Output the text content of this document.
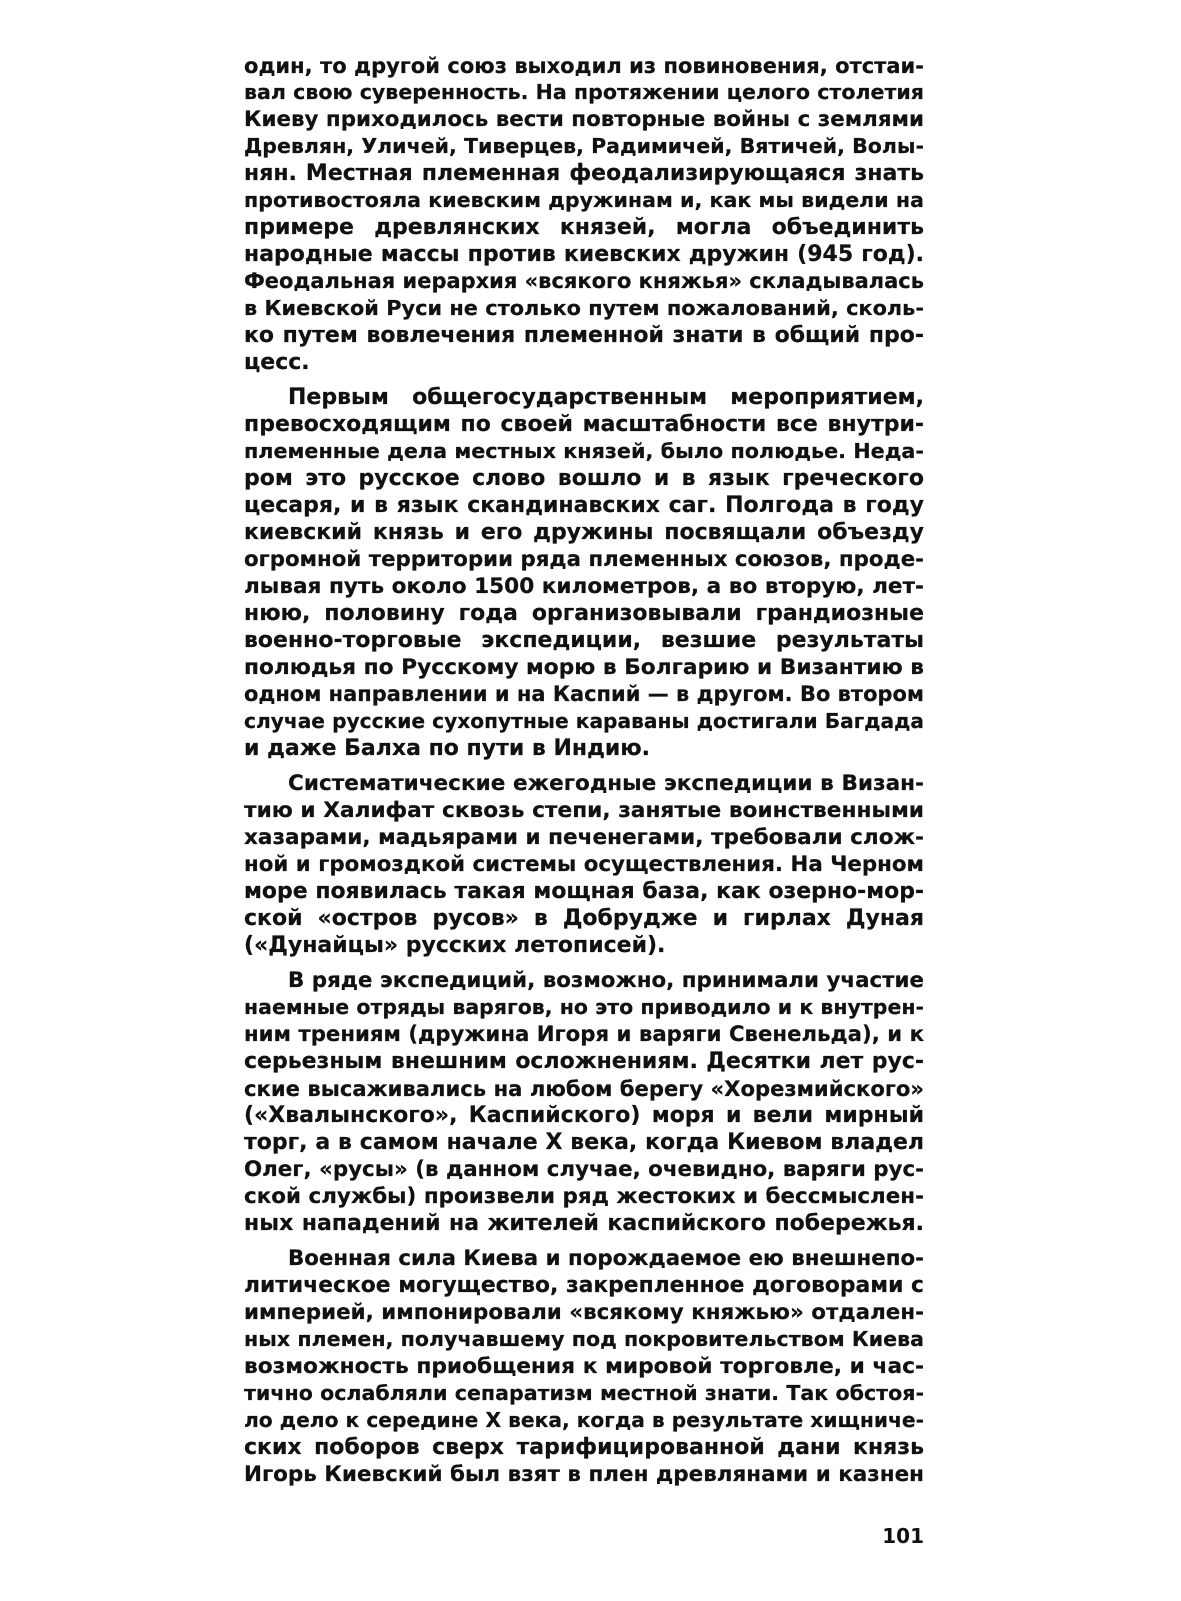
один, то другой союз выходил из повиновения, отстаи-
вал свою суверенность. На протяжении целого столетия
Киеву приходилось вести повторные войны с землями
Древлян, Уличей, Тиверцев, Радимичей, Вятичей, Волы-
нян. Местная племенная феодализирующаяся знать
противостояла киевским дружинам и, как мы видели на
примере древлянских князей, могла объединить
народные массы против киевских дружин (945 год).
Феодальная иерархия «всякого княжья» складывалась
в Киевской Руси не столько путем пожалований, сколь-
ко путем вовлечения племенной знати в общий про-
цесс.

Первым общегосударственным мероприятием,
превосходящим по своей масштабности все внутри-
племенные дела местных князей, было полюдье. Неда-
ром это русское слово вошло и в язык греческого
цесаря, и в язык скандинавских саг. Полгода в году
киевский князь и его дружины посвящали объезду
огромной территории ряда племенных союзов, проде-
лывая путь около 1500 километров, а во вторую, лет-
нюю, половину года организовывали грандиозные
военно-торговые экспедиции, везшие результаты
полюдья по Русскому морю в Болгарию и Византию в
одном направлении и на Каспий — в другом. Во втором
случае русские сухопутные караваны достигали Багдада
и даже Балха по пути в Индию.

Систематические ежегодные экспедиции в Визан-
тию и Халифат сквозь степи, занятые воинственными
хазарами, мадьярами и печенегами, требовали слож-
ной и громоздкой системы осуществления. На Черном
море появилась такая мощная база, как озерно-мор-
ской «остров русов» в Добрудже и гирлах Дуная
(«Дунайцы» русских летописей).

В ряде экспедиций, возможно, принимали участие
наемные отряды варягов, но это приводило и к внутрен-
ним трениям (дружина Игоря и варяги Свенельда), и к
серьезным внешним осложнениям. Десятки лет рус-
ские высаживались на любом берегу «Хорезмийского»
(«Хвалынского», Каспийского) моря и вели мирный
торг, а в самом начале X века, когда Киевом владел
Олег, «русы» (в данном случае, очевидно, варяги рус-
ской службы) произвели ряд жестоких и бессмыслен-
ных нападений на жителей каспийского побережья.

Военная сила Киева и порождаемое ею внешнепо-
литическое могущество, закрепленное договорами с
империей, импонировали «всякому княжью» отдален-
ных племен, получавшему под покровительством Киева
возможность приобщения к мировой торговле, и час-
тично ослабляли сепаратизм местной знати. Так обстоя-
ло дело к середине X века, когда в результате хищниче-
ских поборов сверх тарифицированной дани князь
Игорь Киевский был взят в плен древлянами и казнен

101
